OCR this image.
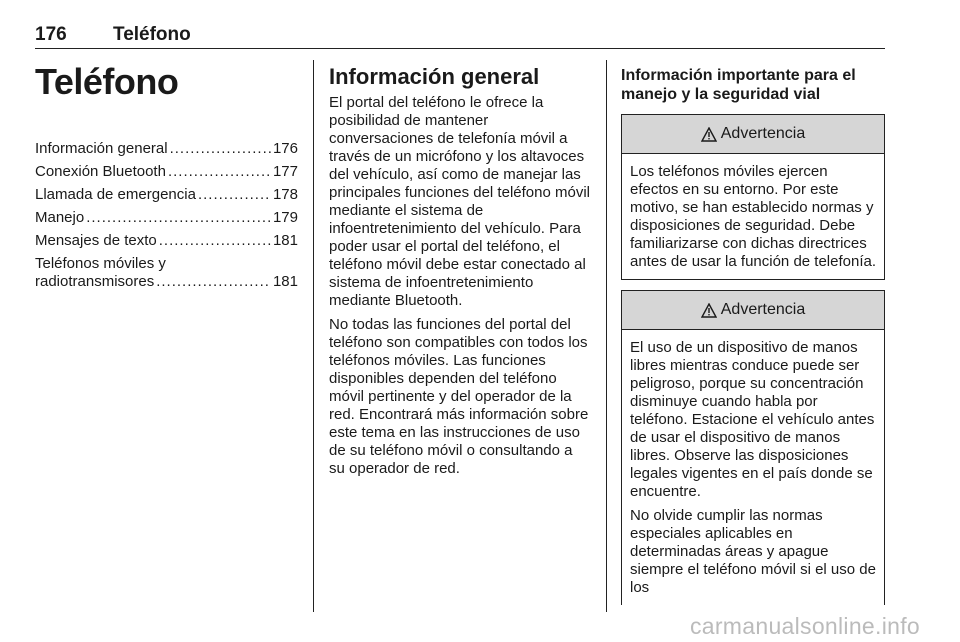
176 Teléfono
Teléfono
Información general .....	176
Conexión Bluetooth .....	177
Llamada de emergencia .....	178
Manejo .....	179
Mensajes de texto .....	181
Teléfonos móviles y
radiotransmisores .....	181
Información general

El portal del teléfono le ofrece la posibilidad de mantener conversaciones de telefonía móvil a través de un micrófono y los altavoces del vehículo, así como de manejar las principales funciones del teléfono móvil mediante el sistema de infoentretenimiento del vehículo. Para poder usar el portal del teléfono, el teléfono móvil debe estar conectado al sistema de infoentretenimiento mediante Bluetooth.

No todas las funciones del portal del teléfono son compatibles con todos los teléfonos móviles. Las funciones disponibles dependen del teléfono móvil pertinente y del operador de la red. Encontrará más información sobre este tema en las instrucciones de uso de su teléfono móvil o consultando a su operador de red.

Información importante para el manejo y la seguridad vial
Advertencia

Los teléfonos móviles ejercen efectos en su entorno. Por este motivo, se han establecido normas y disposiciones de seguridad. Debe familiarizarse con dichas directrices antes de usar la función de telefonía.

Advertencia

El uso de un dispositivo de manos libres mientras conduce puede ser peligroso, porque su concentración disminuye cuando habla por teléfono. Estacione el vehículo antes de usar el dispositivo de manos libres. Observe las disposiciones legales vigentes en el país donde se encuentre.

No olvide cumplir las normas especiales aplicables en determinadas áreas y apague siempre el teléfono móvil si el uso de los

carmanualsonline.info
